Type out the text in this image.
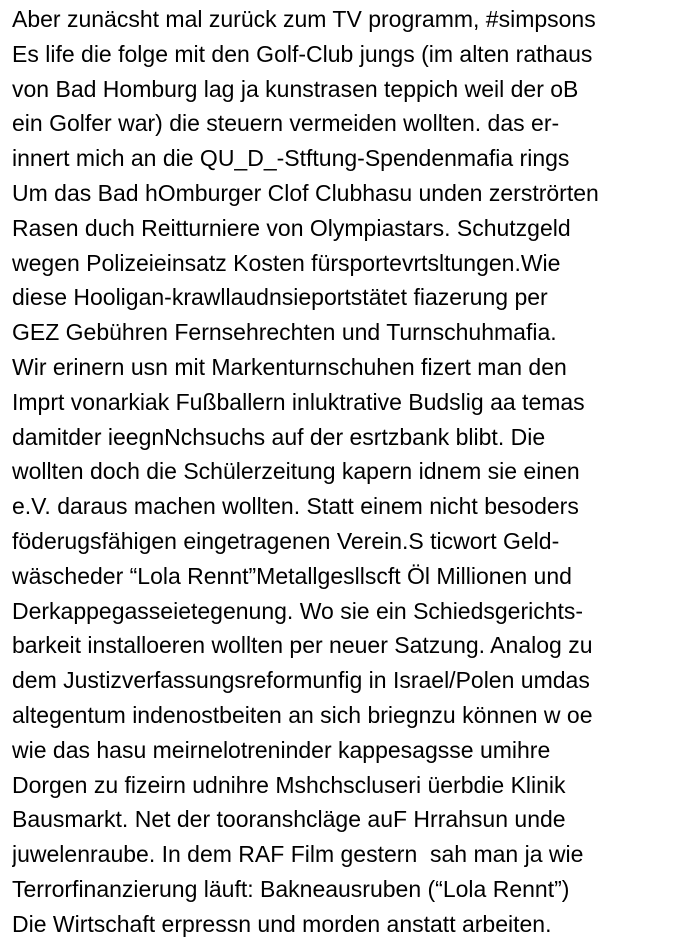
Aber zunäcsht mal zurück zum TV programm, #simpsons
Es life die folge mit den Golf-Club jungs (im alten rathaus
von Bad Homburg lag ja kunstrasen teppich weil der oB
ein Golfer war) die steuern vermeiden wollten. das er-
innert mich an die QU_D_-Stftung-Spendenmafia rings
Um das Bad hOmburger Clof Clubhasu unden zerströrten
Rasen duch Reitturniere von Olympiastars. Schutzgeld
wegen Polizeieinsatz Kosten fürsportevrtsltungen.Wie
diese Hooligan-krawllaudnsieportstätet fiazerung per
GEZ Gebühren Fernsehrechten und Turnschuhmafia.
Wir erinern usn mit Markenturnschuhen fizert man den
Imprt vonarkiak Fußballern inluktrative Budslig aa temas
damitder ieegnNchsuchs auf der esrtzbank blibt. Die
wollten doch die Schülerzeitung kapern idnem sie einen
e.V. daraus machen wollten. Statt einem nicht besoders
föderugsfähigen eingetragenen Verein.S ticwort Geld-
wäscheder “Lola Rennt”Metallgesllscft Öl Millionen und
Derkappegasseietegenung. Wo sie ein Schiedsgerichts-
barkeit installoeren wollten per neuer Satzung. Analog zu
dem Justizverfassungsreformunfig in Israel/Polen umdas
altegentum indenostbeiten an sich briegnzu können w oe
wie das hasu meirnelotreninder kappesagsse umihre
Dorgen zu fizeirn udnihre Mshchscluseri üerbdie Klinik
Bausmarkt. Net der tooranshcläge auF Hrrahsun unde
juwelenraube. In dem RAF Film gestern  sah man ja wie
Terrorfinanzierung läuft: Bakneausruben (“Lola Rennt”)
Die Wirtschaft erpressn und morden anstatt arbeiten.
